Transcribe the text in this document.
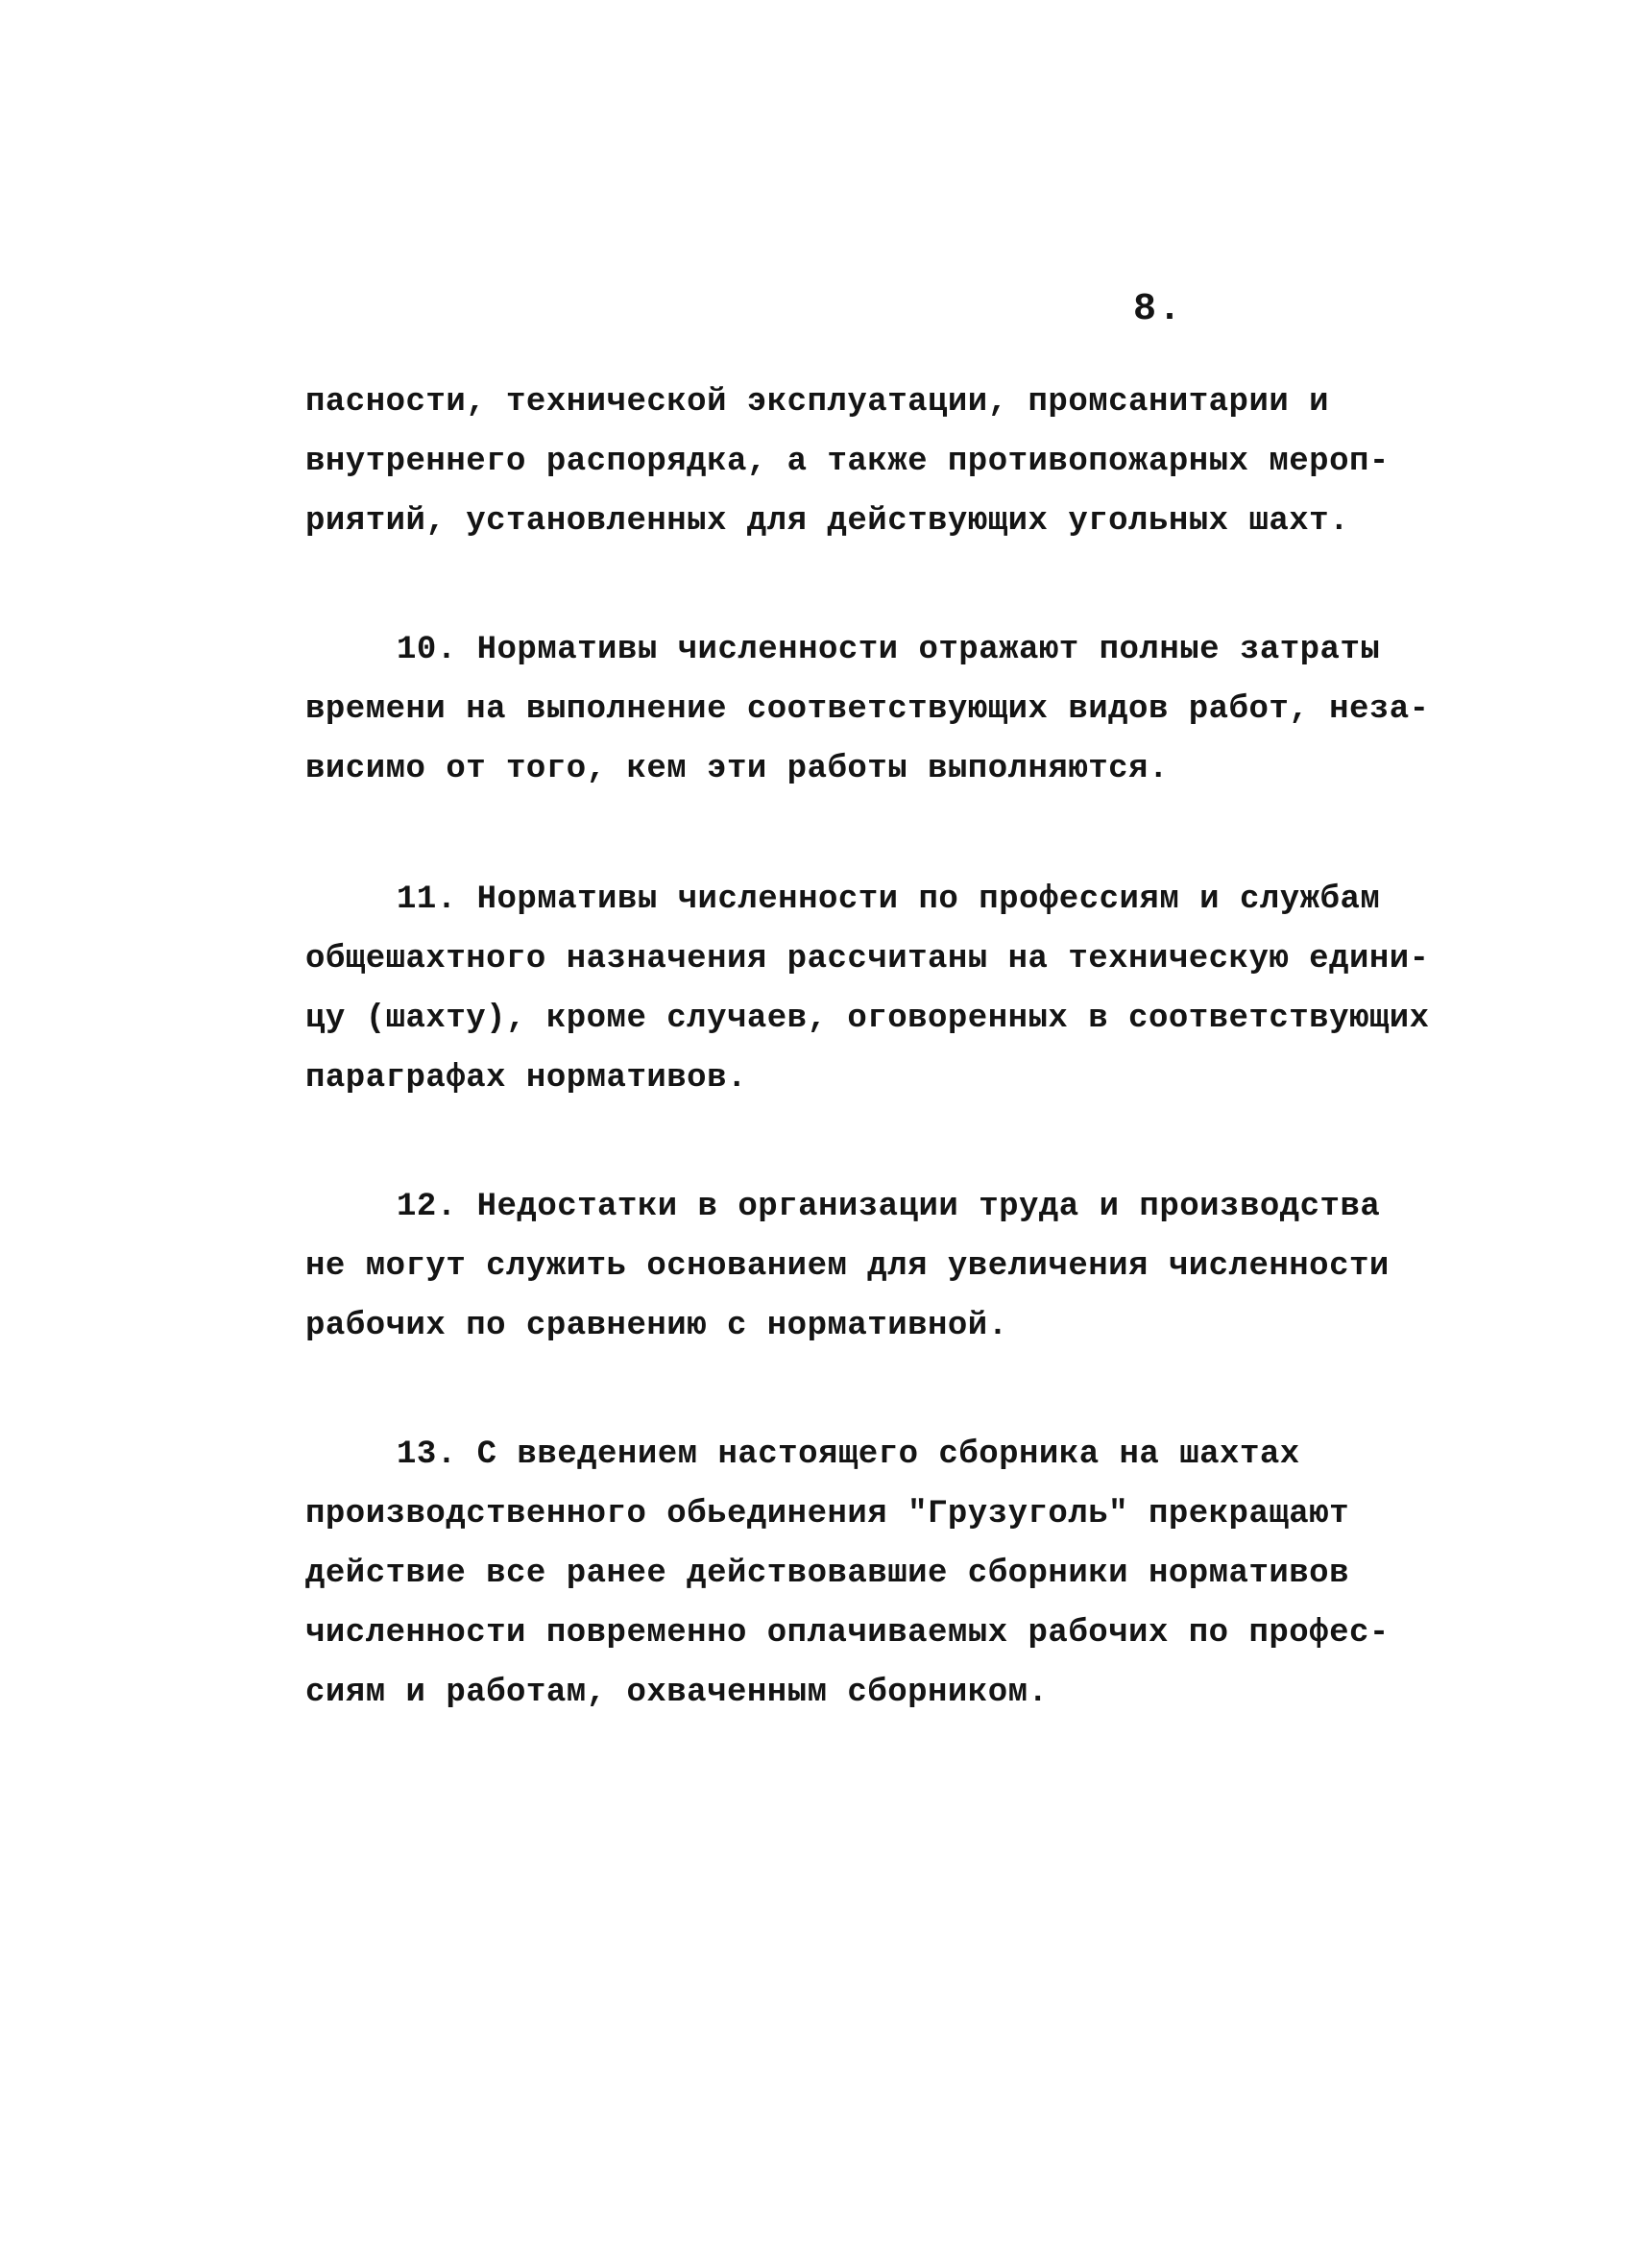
8.
пасности, технической эксплуатации, промсанитарии и
внутреннего распорядка, а также противопожарных мероп-
риятий, установленных для действующих угольных шахт.
10. Нормативы численности отражают полные затраты
времени на выполнение соответствующих видов работ, неза-
висимо от того, кем эти работы выполняются.
11. Нормативы численности по профессиям и службам
общешахтного назначения рассчитаны на техническую едини-
цу (шахту), кроме случаев, оговоренных в соответствующих
параграфах нормативов.
12. Недостатки в организации труда и производства
не могут служить основанием для увеличения численности
рабочих по сравнению с нормативной.
13. С введением настоящего сборника на шахтах
производственного обьединения "Грузуголь" прекращают
действие все ранее действовавшие сборники нормативов
численности повременно оплачиваемых рабочих по профес-
сиям и работам, охваченным сборником.
